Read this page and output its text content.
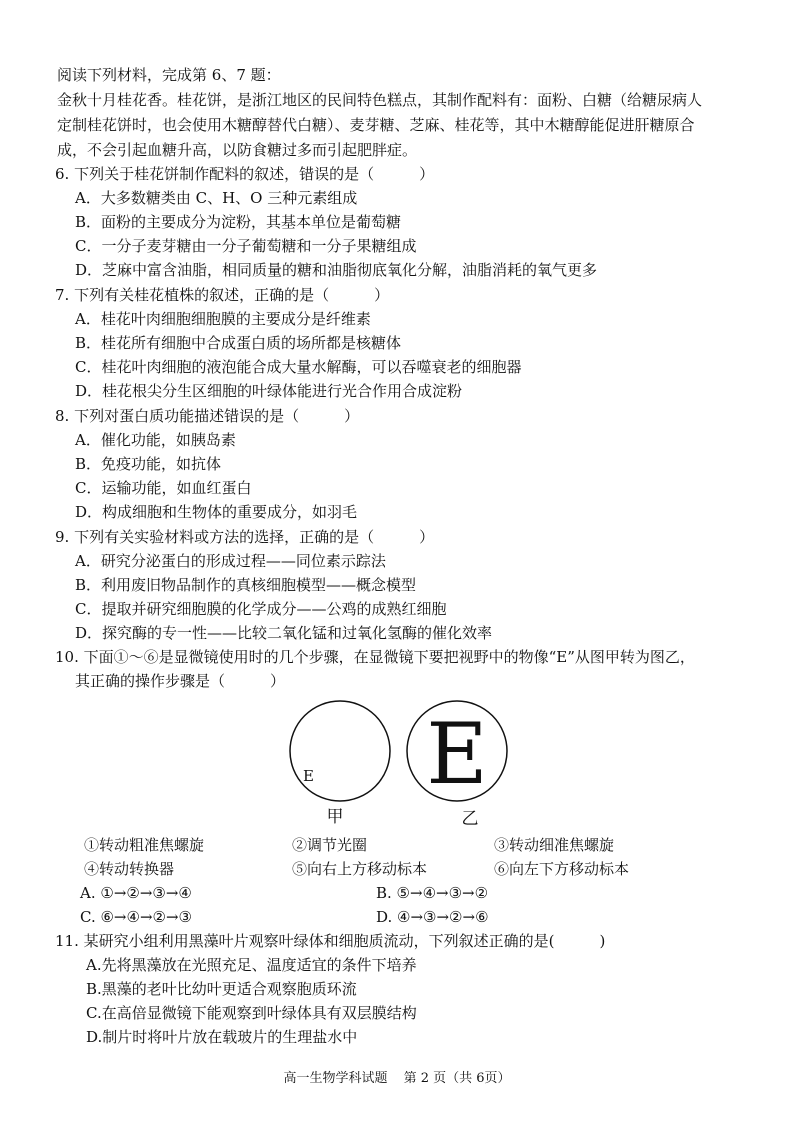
阅读下列材料，完成第 6、7 题：
金秋十月桂花香。桂花饼，是浙江地区的民间特色糕点，其制作配料有：面粉、白糖（给糖尿病人
定制桂花饼时，也会使用木糖醇替代白糖）、麦芽糖、芝麻、桂花等，其中木糖醇能促进肝糖原合
成，不会引起血糖升高，以防食糖过多而引起肥胖症。
6. 下列关于桂花饼制作配料的叙述，错误的是（　　　）
A．大多数糖类由 C、H、O 三种元素组成
B．面粉的主要成分为淀粉，其基本单位是葡萄糖
C．一分子麦芽糖由一分子葡萄糖和一分子果糖组成
D．芝麻中富含油脂，相同质量的糖和油脂彻底氧化分解，油脂消耗的氧气更多
7. 下列有关桂花植株的叙述，正确的是（　　　）
A．桂花叶肉细胞细胞膜的主要成分是纤维素
B．桂花所有细胞中合成蛋白质的场所都是核糖体
C．桂花叶肉细胞的液泡能合成大量水解酶，可以吞噬衰老的细胞器
D．桂花根尖分生区细胞的叶绿体能进行光合作用合成淀粉
8. 下列对蛋白质功能描述错误的是（　　　）
A．催化功能，如胰岛素
B．免疫功能，如抗体
C．运输功能，如血红蛋白
D．构成细胞和生物体的重要成分，如羽毛
9. 下列有关实验材料或方法的选择，正确的是（　　　）
A．研究分泌蛋白的形成过程——同位素示踪法
B．利用废旧物品制作的真核细胞模型——概念模型
C．提取并研究细胞膜的化学成分——公鸡的成熟红细胞
D．探究酶的专一性——比较二氧化锰和过氧化氢酶的催化效率
10. 下面①～⑥是显微镜使用时的几个步骤，在显微镜下要把视野中的物像“E”从图甲转为图乙，
其正确的操作步骤是（　　　）
E E
甲	乙
①转动粗准焦螺旋	②调节光圈	③转动细准焦螺旋
④转动转换器	⑤向右上方移动标本	⑥向左下方移动标本
A. ①→②→③→④	B. ⑤→④→③→②
C. ⑥→④→②→③	D. ④→③→②→⑥
11. 某研究小组利用黑藻叶片观察叶绿体和细胞质流动，下列叙述正确的是(　　　)
A.先将黑藻放在光照充足、温度适宜的条件下培养
B.黑藻的老叶比幼叶更适合观察胞质环流
C.在高倍显微镜下能观察到叶绿体具有双层膜结构
D.制片时将叶片放在载玻片的生理盐水中
高一生物学科试题 第 2 页（共 6页）
